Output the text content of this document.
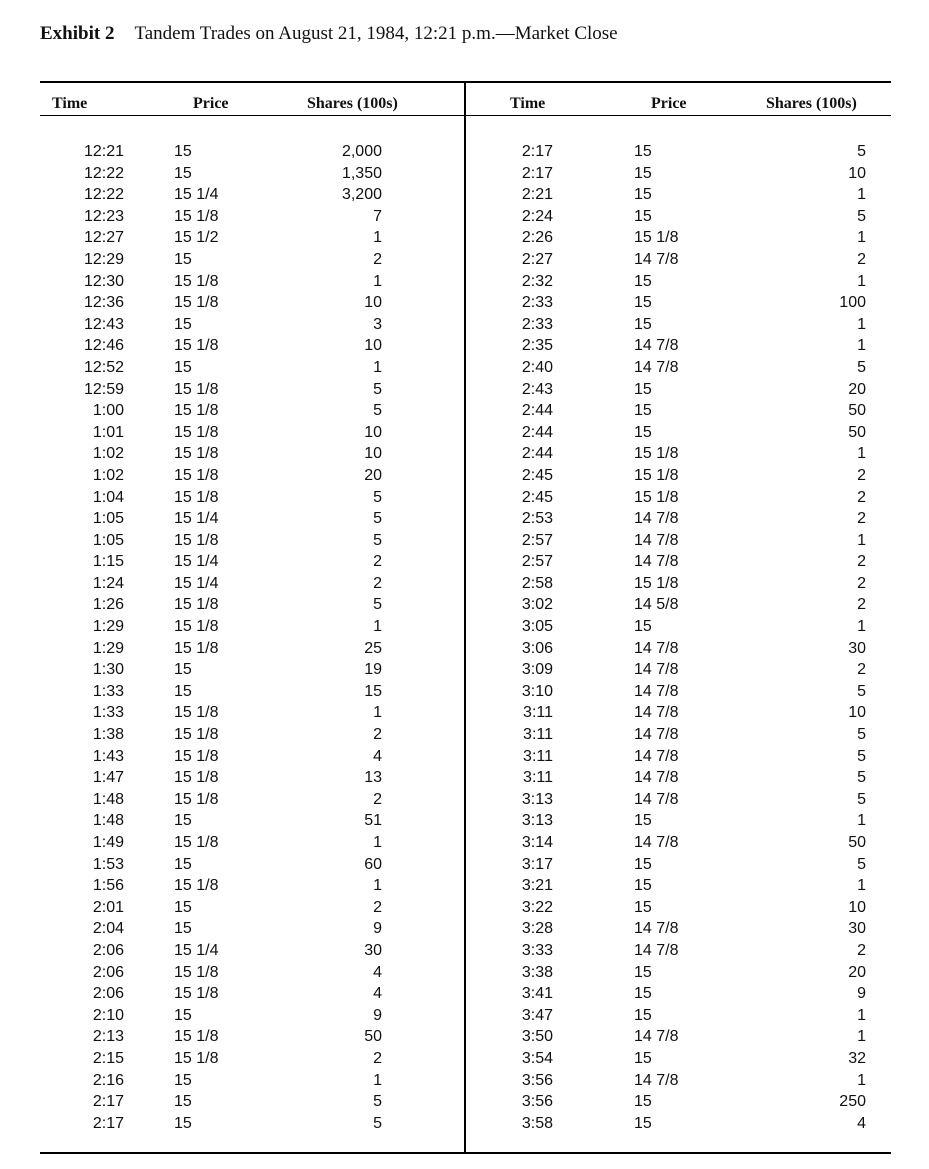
Exhibit 2 Tandem Trades on August 21, 1984, 12:21 p.m.—Market Close
Time	Price	Shares (100s)
12:21	15	2,000
12:22	15	1,350
12:22	15 1/4	3,200
12:23	15 1/8	7
12:27	15 1/2	1
12:29	15	2
12:30	15 1/8	1
12:36	15 1/8	10
12:43	15	3
12:46	15 1/8	10
12:52	15	1
12:59	15 1/8	5
1:00	15 1/8	5
1:01	15 1/8	10
1:02	15 1/8	10
1:02	15 1/8	20
1:04	15 1/8	5
1:05	15 1/4	5
1:05	15 1/8	5
1:15	15 1/4	2
1:24	15 1/4	2
1:26	15 1/8	5
1:29	15 1/8	1
1:29	15 1/8	25
1:30	15	19
1:33	15	15
1:33	15 1/8	1
1:38	15 1/8	2
1:43	15 1/8	4
1:47	15 1/8	13
1:48	15 1/8	2
1:48	15	51
1:49	15 1/8	1
1:53	15	60
1:56	15 1/8	1
2:01	15	2
2:04	15	9
2:06	15 1/4	30
2:06	15 1/8	4
2:06	15 1/8	4
2:10	15	9
2:13	15 1/8	50
2:15	15 1/8	2
2:16	15	1
2:17	15	5
2:17	15	5
Time	Price	Shares (100s)
2:17	15	5
2:17	15	10
2:21	15	1
2:24	15	5
2:26	15 1/8	1
2:27	14 7/8	2
2:32	15	1
2:33	15	100
2:33	15	1
2:35	14 7/8	1
2:40	14 7/8	5
2:43	15	20
2:44	15	50
2:44	15	50
2:44	15 1/8	1
2:45	15 1/8	2
2:45	15 1/8	2
2:53	14 7/8	2
2:57	14 7/8	1
2:57	14 7/8	2
2:58	15 1/8	2
3:02	14 5/8	2
3:05	15	1
3:06	14 7/8	30
3:09	14 7/8	2
3:10	14 7/8	5
3:11	14 7/8	10
3:11	14 7/8	5
3:11	14 7/8	5
3:11	14 7/8	5
3:13	14 7/8	5
3:13	15	1
3:14	14 7/8	50
3:17	15	5
3:21	15	1
3:22	15	10
3:28	14 7/8	30
3:33	14 7/8	2
3:38	15	20
3:41	15	9
3:47	15	1
3:50	14 7/8	1
3:54	15	32
3:56	14 7/8	1
3:56	15	250
3:58	15	4
